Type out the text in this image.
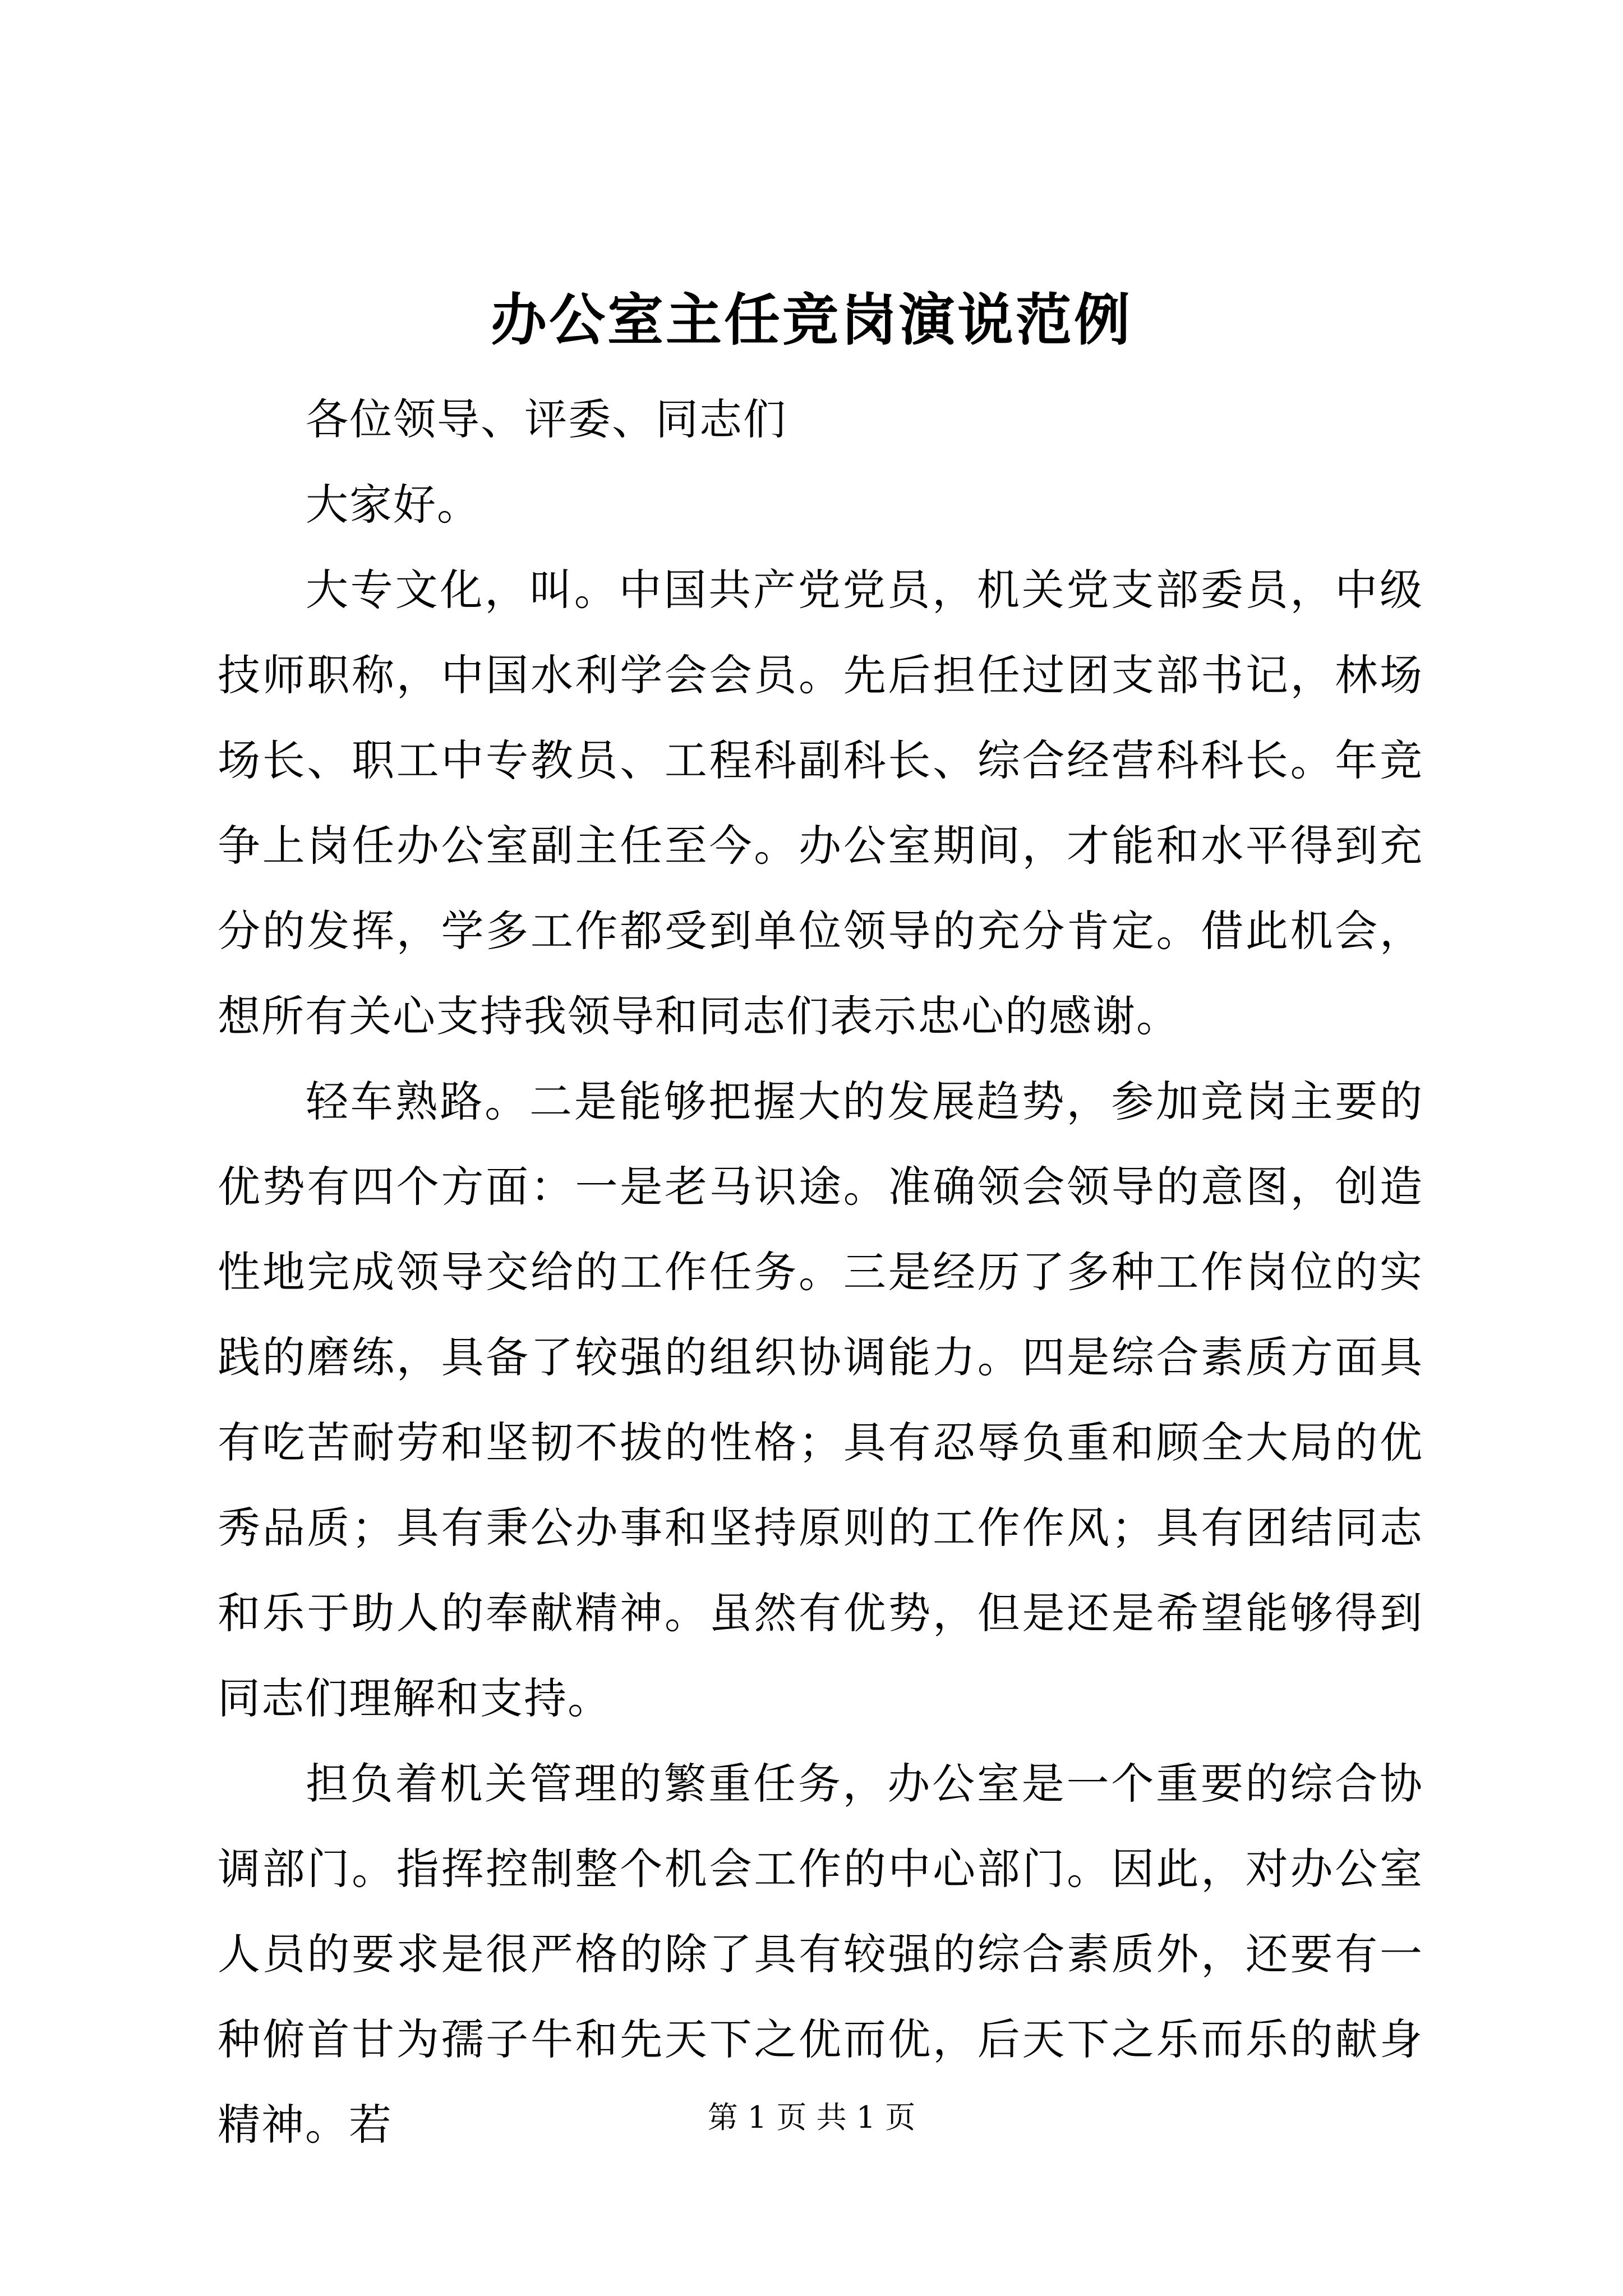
办公室主任竞岗演说范例

各位领导、评委、同志们

大家好。

大专文化，叫。中国共产党党员，机关党支部委员，中级技师职称，中国水利学会会员。先后担任过团支部书记，林场场长、职工中专教员、工程科副科长、综合经营科科长。年竞争上岗任办公室副主任至今。办公室期间，才能和水平得到充分的发挥，学多工作都受到单位领导的充分肯定。借此机会，想所有关心支持我领导和同志们表示忠心的感谢。

轻车熟路。二是能够把握大的发展趋势，参加竞岗主要的优势有四个方面：一是老马识途。准确领会领导的意图，创造性地完成领导交给的工作任务。三是经历了多种工作岗位的实践的磨练，具备了较强的组织协调能力。四是综合素质方面具有吃苦耐劳和坚韧不拔的性格；具有忍辱负重和顾全大局的优秀品质；具有秉公办事和坚持原则的工作作风；具有团结同志和乐于助人的奉献精神。虽然有优势，但是还是希望能够得到同志们理解和支持。

担负着机关管理的繁重任务，办公室是一个重要的综合协调部门。指挥控制整个机会工作的中心部门。因此，对办公室人员的要求是很严格的除了具有较强的综合素质外，还要有一种俯首甘为孺子牛和先天下之优而优，后天下之乐而乐的献身精神。若	第 1 页 共 1 页
